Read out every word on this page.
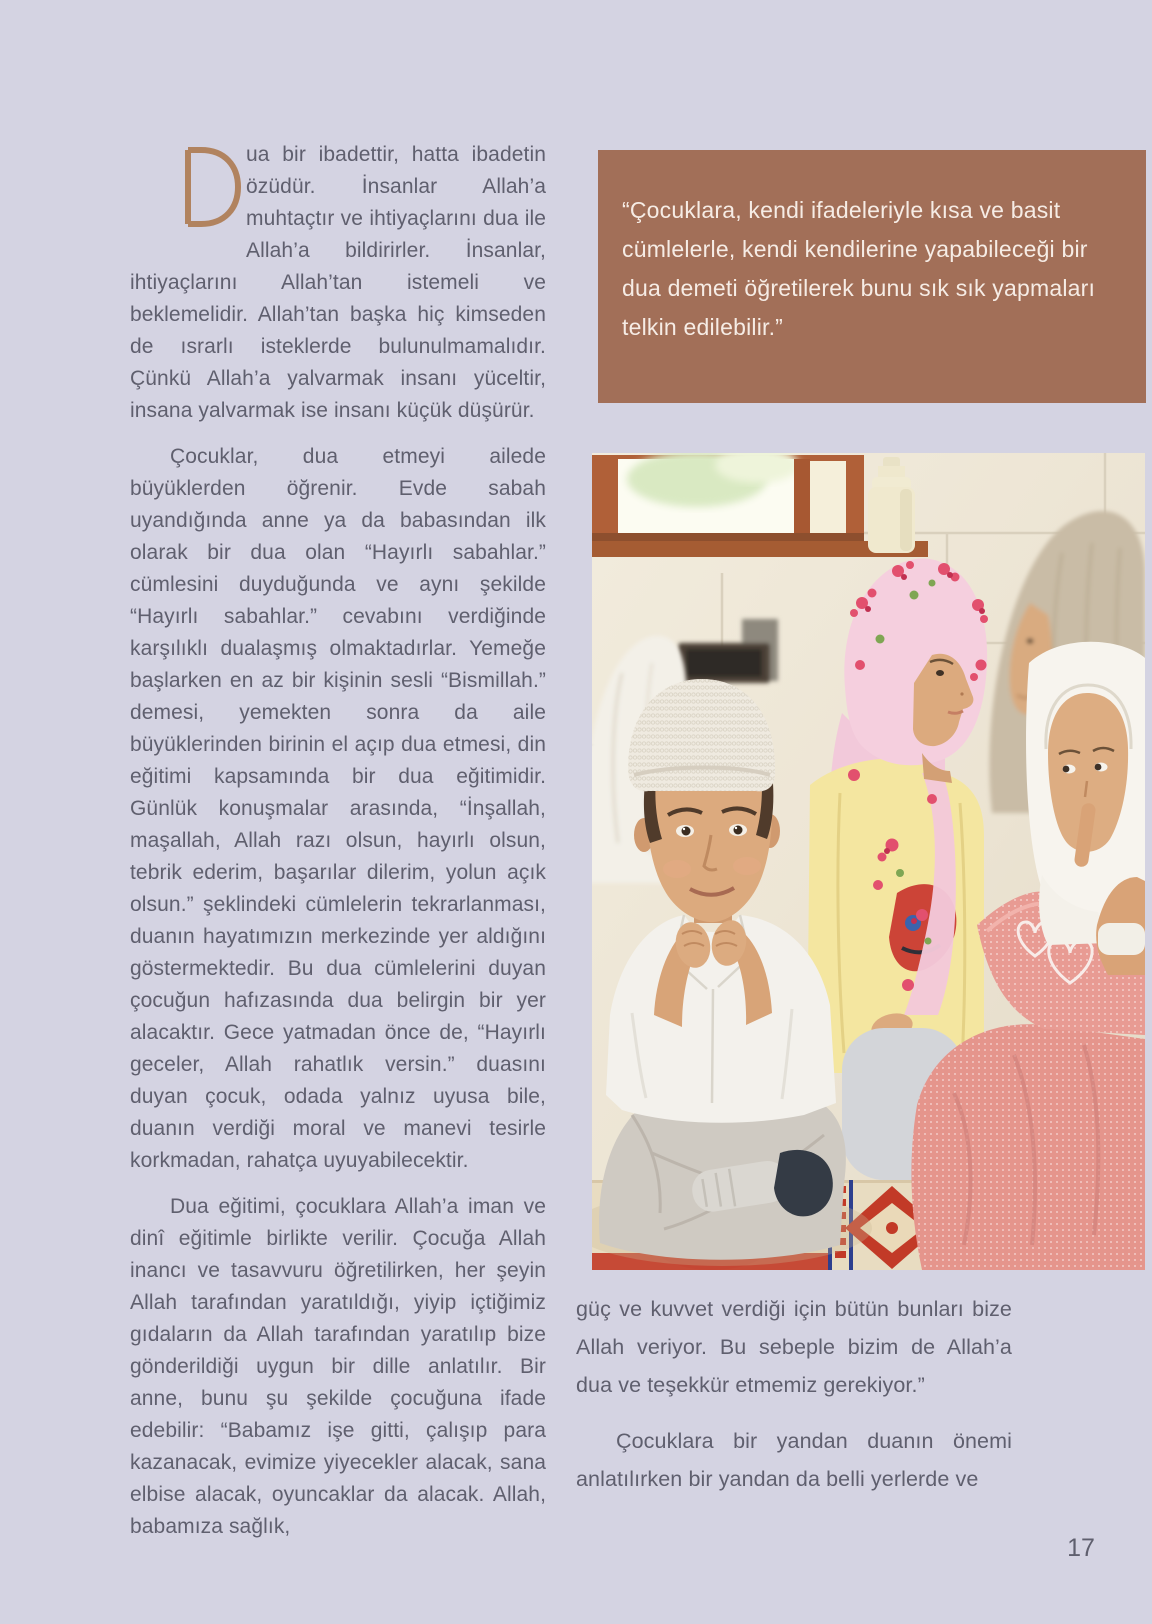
ua bir ibadettir, hatta ibadetin özüdür. İnsanlar Allah’a muhtaçtır ve ihtiyaçlarını dua ile Allah’a bildirirler. İnsanlar, ihtiyaçlarını Allah’tan istemeli ve beklemelidir. Allah’tan başka hiç kimseden de ısrarlı isteklerde bulunulmamalıdır. Çünkü Allah’a yalvarmak insanı yüceltir, insana yalvarmak ise insanı küçük düşürür.

Çocuklar, dua etmeyi ailede büyüklerden öğrenir. Evde sabah uyandığında anne ya da babasından ilk olarak bir dua olan “Hayırlı sabahlar.” cümlesini duyduğunda ve aynı şekilde “Hayırlı sabahlar.” cevabını verdiğinde karşılıklı dualaşmış olmaktadırlar. Yemeğe başlarken en az bir kişinin sesli “Bismillah.” demesi, yemekten sonra da aile büyüklerinden birinin el açıp dua etmesi, din eğitimi kapsamında bir dua eğitimidir. Günlük konuşmalar arasında, “İnşallah, maşallah, Allah razı olsun, hayırlı olsun, tebrik ederim, başarılar dilerim, yolun açık olsun.” şeklindeki cümlelerin tekrarlanması, duanın hayatımızın merkezinde yer aldığını göstermektedir. Bu dua cümlelerini duyan çocuğun hafızasında dua belirgin bir yer alacaktır. Gece yatmadan önce de, “Hayırlı geceler, Allah rahatlık versin.” duasını duyan çocuk, odada yalnız uyusa bile, duanın verdiği moral ve manevi tesirle korkmadan, rahatça uyuyabilecektir.

Dua eğitimi, çocuklara Allah’a iman ve dinî eğitimle birlikte verilir. Çocuğa Allah inancı ve tasavvuru öğretilirken, her şeyin Allah tarafından yaratıldığı, yiyip içtiğimiz gıdaların da Allah tarafından yaratılıp bize gönderildiği uygun bir dille anlatılır. Bir anne, bunu şu şekilde çocuğuna ifade edebilir: “Babamız işe gitti, çalışıp para kazanacak, evimize yiyecekler alacak, sana elbise alacak, oyuncaklar da alacak. Allah, babamıza sağlık,

“Çocuklara, kendi ifadeleriyle kısa ve basit cümlelerle, kendi kendilerine yapabileceği bir dua demeti öğretilerek bunu sık sık yapmaları telkin edilebilir.”

güç ve kuvvet verdiği için bütün bunları bize Allah veriyor. Bu sebeple bizim de Allah’a dua ve teşekkür etmemiz gerekiyor.”

Çocuklara bir yandan duanın önemi anlatılırken bir yandan da belli yerlerde ve

17
